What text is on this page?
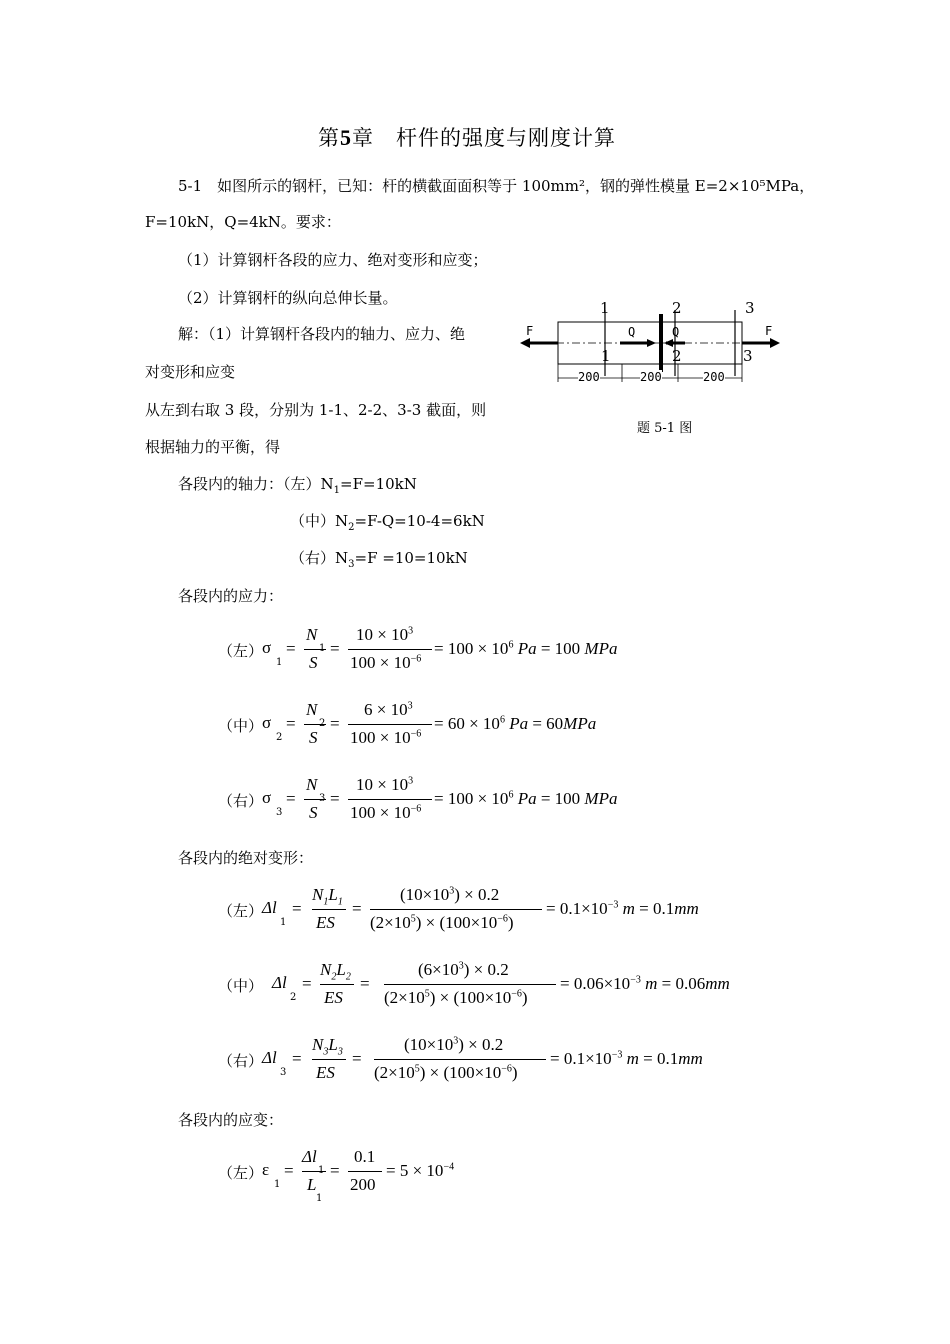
第5章　杆件的强度与刚度计算
5-1　如图所示的钢杆，已知：杆的横截面面积等于 100mm²，钢的弹性模量 E=2×10⁵MPa，
F=10kN，Q=4kN。要求：
（1）计算钢杆各段的应力、绝对变形和应变；
（2）计算钢杆的纵向总伸长量。
解：（1）计算钢杆各段内的轴力、应力、绝
对变形和应变
从左到右取 3 段，分别为 1-1、2-2、3-3 截面，则
根据轴力的平衡，得
F	F
Q	Q
1	2	3
1	2	3
200	200	200
题 5-1 图
各段内的轴力：（左）$N_1=F=10kN$
（中）$N_2=F-Q=10-4=6kN$
（右）$N_3=F =10=10kN$
各段内的应力：
（左）
σ
1
=
N
S
=
$10 \times 10^3$
$100 \times 10^{-6}$
= $100 \times 10^6$ Pa = 100 MPa
（中）
σ
2
=
N
S
=
$6 \times 10^3$
$100 \times 10^{-6}$
= $60 \times 10^6$ Pa = 60MPa
（右）
σ
3
=
N
S
=
$10 \times 10^3$
$100 \times 10^{-6}$
= $100 \times 10^6$ Pa = 100 MPa
各段内的绝对变形：
（左）
Δl
1
=
$N_1L_1$
ES
=
$(10\times 10^3) \times 0.2$
$(2\times 10^5) \times (100\times 10^{-6})$
= $0.1\times 10^{-3}$ m = 0.1mm
（中） Δl
2
=
$N_2L_2$
ES
=
$(6\times 10^3) \times 0.2$
$(2\times 10^5) \times (100\times 10^{-6})$
= $0.06\times 10^{-3}$ m = 0.06mm
（右）
Δl
3
=
$N_3L_3$
ES
=
$(10\times 10^3) \times 0.2$
$(2\times 10^5) \times (100\times 10^{-6})$
= $0.1\times 10^{-3}$ m = 0.1mm
各段内的应变：
（左）
ε
1
=
Δl
L
1
=
0.1
200
= $5 \times 10^{-4}$
